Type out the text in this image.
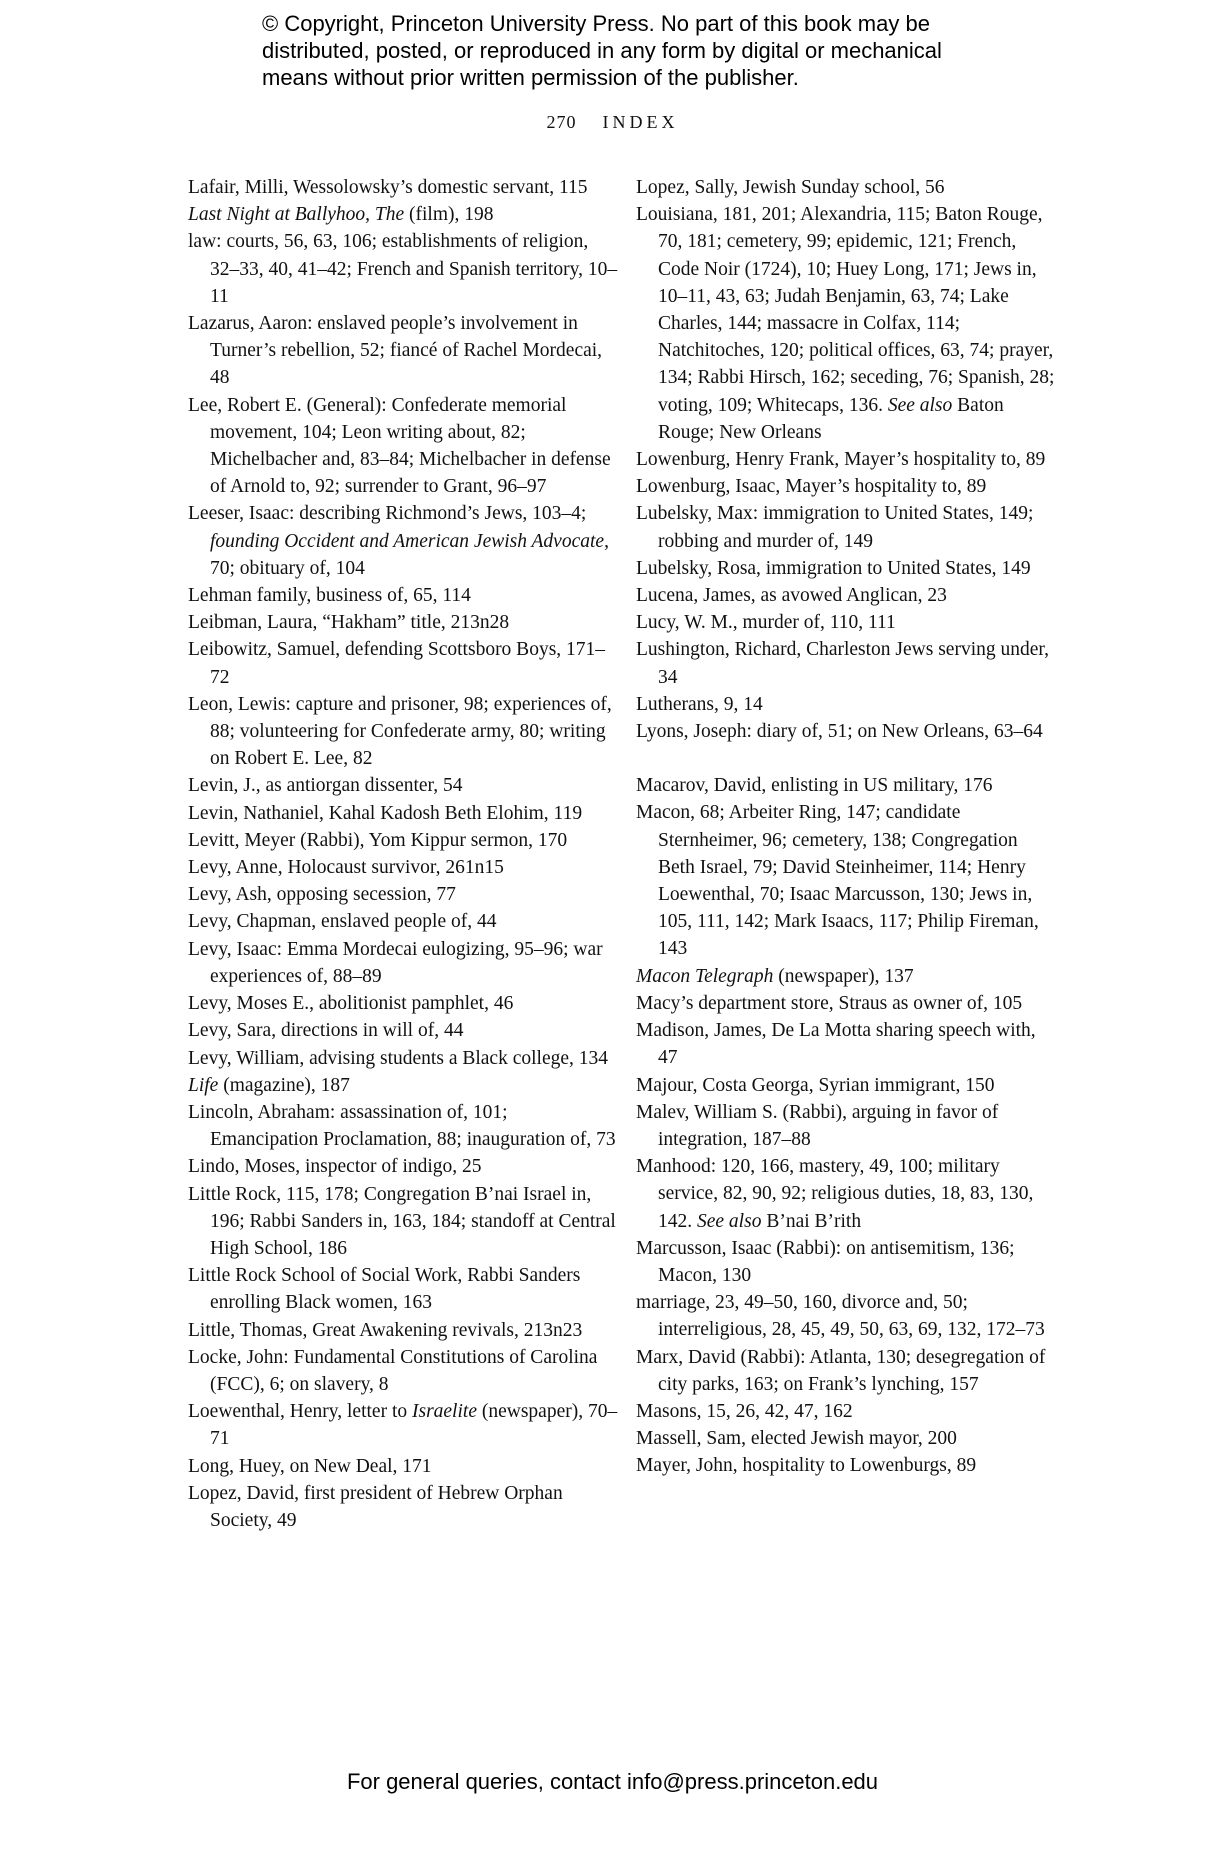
© Copyright, Princeton University Press. No part of this book may be
distributed, posted, or reproduced in any form by digital or mechanical
means without prior written permission of the publisher.
270 INDEX

Lafair, Milli, Wessolowsky’s domestic servant, 115

Last Night at Ballyhoo, The (film), 198

law: courts, 56, 63, 106; establishments of religion, 32–33, 40, 41–42; French and Spanish territory, 10–11

Lazarus, Aaron: enslaved people’s involvement in Turner’s rebellion, 52; fiancé of Rachel Mordecai, 48

Lee, Robert E. (General): Confederate memorial movement, 104; Leon writing about, 82; Michelbacher and, 83–84; Michelbacher in defense of Arnold to, 92; surrender to Grant, 96–97

Leeser, Isaac: describing Richmond’s Jews, 103–4; founding Occident and American Jewish Advocate, 70; obituary of, 104

Lehman family, business of, 65, 114

Leibman, Laura, “Hakham” title, 213n28

Leibowitz, Samuel, defending Scottsboro Boys, 171–72

Leon, Lewis: capture and prisoner, 98; experiences of, 88; volunteering for Confederate army, 80; writing on Robert E. Lee, 82

Levin, J., as antiorgan dissenter, 54

Levin, Nathaniel, Kahal Kadosh Beth Elohim, 119

Levitt, Meyer (Rabbi), Yom Kippur sermon, 170

Levy, Anne, Holocaust survivor, 261n15

Levy, Ash, opposing secession, 77

Levy, Chapman, enslaved people of, 44

Levy, Isaac: Emma Mordecai eulogizing, 95–96; war experiences of, 88–89

Levy, Moses E., abolitionist pamphlet, 46

Levy, Sara, directions in will of, 44

Levy, William, advising students a Black college, 134

Life (magazine), 187

Lincoln, Abraham: assassination of, 101; Emancipation Proclamation, 88; inauguration of, 73

Lindo, Moses, inspector of indigo, 25

Little Rock, 115, 178; Congregation B’nai Israel in, 196; Rabbi Sanders in, 163, 184; standoff at Central High School, 186

Little Rock School of Social Work, Rabbi Sanders enrolling Black women, 163

Little, Thomas, Great Awakening revivals, 213n23

Locke, John: Fundamental Constitutions of Carolina (FCC), 6; on slavery, 8

Loewenthal, Henry, letter to Israelite (newspaper), 70–71

Long, Huey, on New Deal, 171

Lopez, David, first president of Hebrew Orphan Society, 49

Lopez, Sally, Jewish Sunday school, 56

Louisiana, 181, 201; Alexandria, 115; Baton Rouge, 70, 181; cemetery, 99; epidemic, 121; French, Code Noir (1724), 10; Huey Long, 171; Jews in, 10–11, 43, 63; Judah Benjamin, 63, 74; Lake Charles, 144; massacre in Colfax, 114; Natchitoches, 120; political offices, 63, 74; prayer, 134; Rabbi Hirsch, 162; seceding, 76; Spanish, 28; voting, 109; Whitecaps, 136. See also Baton Rouge; New Orleans

Lowenburg, Henry Frank, Mayer’s hospitality to, 89

Lowenburg, Isaac, Mayer’s hospitality to, 89

Lubelsky, Max: immigration to United States, 149; robbing and murder of, 149

Lubelsky, Rosa, immigration to United States, 149

Lucena, James, as avowed Anglican, 23

Lucy, W. M., murder of, 110, 111

Lushington, Richard, Charleston Jews serving under, 34

Lutherans, 9, 14

Lyons, Joseph: diary of, 51; on New Orleans, 63–64

Macarov, David, enlisting in US military, 176

Macon, 68; Arbeiter Ring, 147; candidate Sternheimer, 96; cemetery, 138; Congregation Beth Israel, 79; David Steinheimer, 114; Henry Loewenthal, 70; Isaac Marcusson, 130; Jews in, 105, 111, 142; Mark Isaacs, 117; Philip Fireman, 143

Macon Telegraph (newspaper), 137

Macy’s department store, Straus as owner of, 105

Madison, James, De La Motta sharing speech with, 47

Majour, Costa Georga, Syrian immigrant, 150

Malev, William S. (Rabbi), arguing in favor of integration, 187–88

Manhood: 120, 166, mastery, 49, 100; military service, 82, 90, 92; religious duties, 18, 83, 130, 142. See also B’nai B’rith

Marcusson, Isaac (Rabbi): on antisemitism, 136; Macon, 130

marriage, 23, 49–50, 160, divorce and, 50; interreligious, 28, 45, 49, 50, 63, 69, 132, 172–73

Marx, David (Rabbi): Atlanta, 130; desegregation of city parks, 163; on Frank’s lynching, 157

Masons, 15, 26, 42, 47, 162

Massell, Sam, elected Jewish mayor, 200

Mayer, John, hospitality to Lowenburgs, 89

For general queries, contact info@press.princeton.edu
